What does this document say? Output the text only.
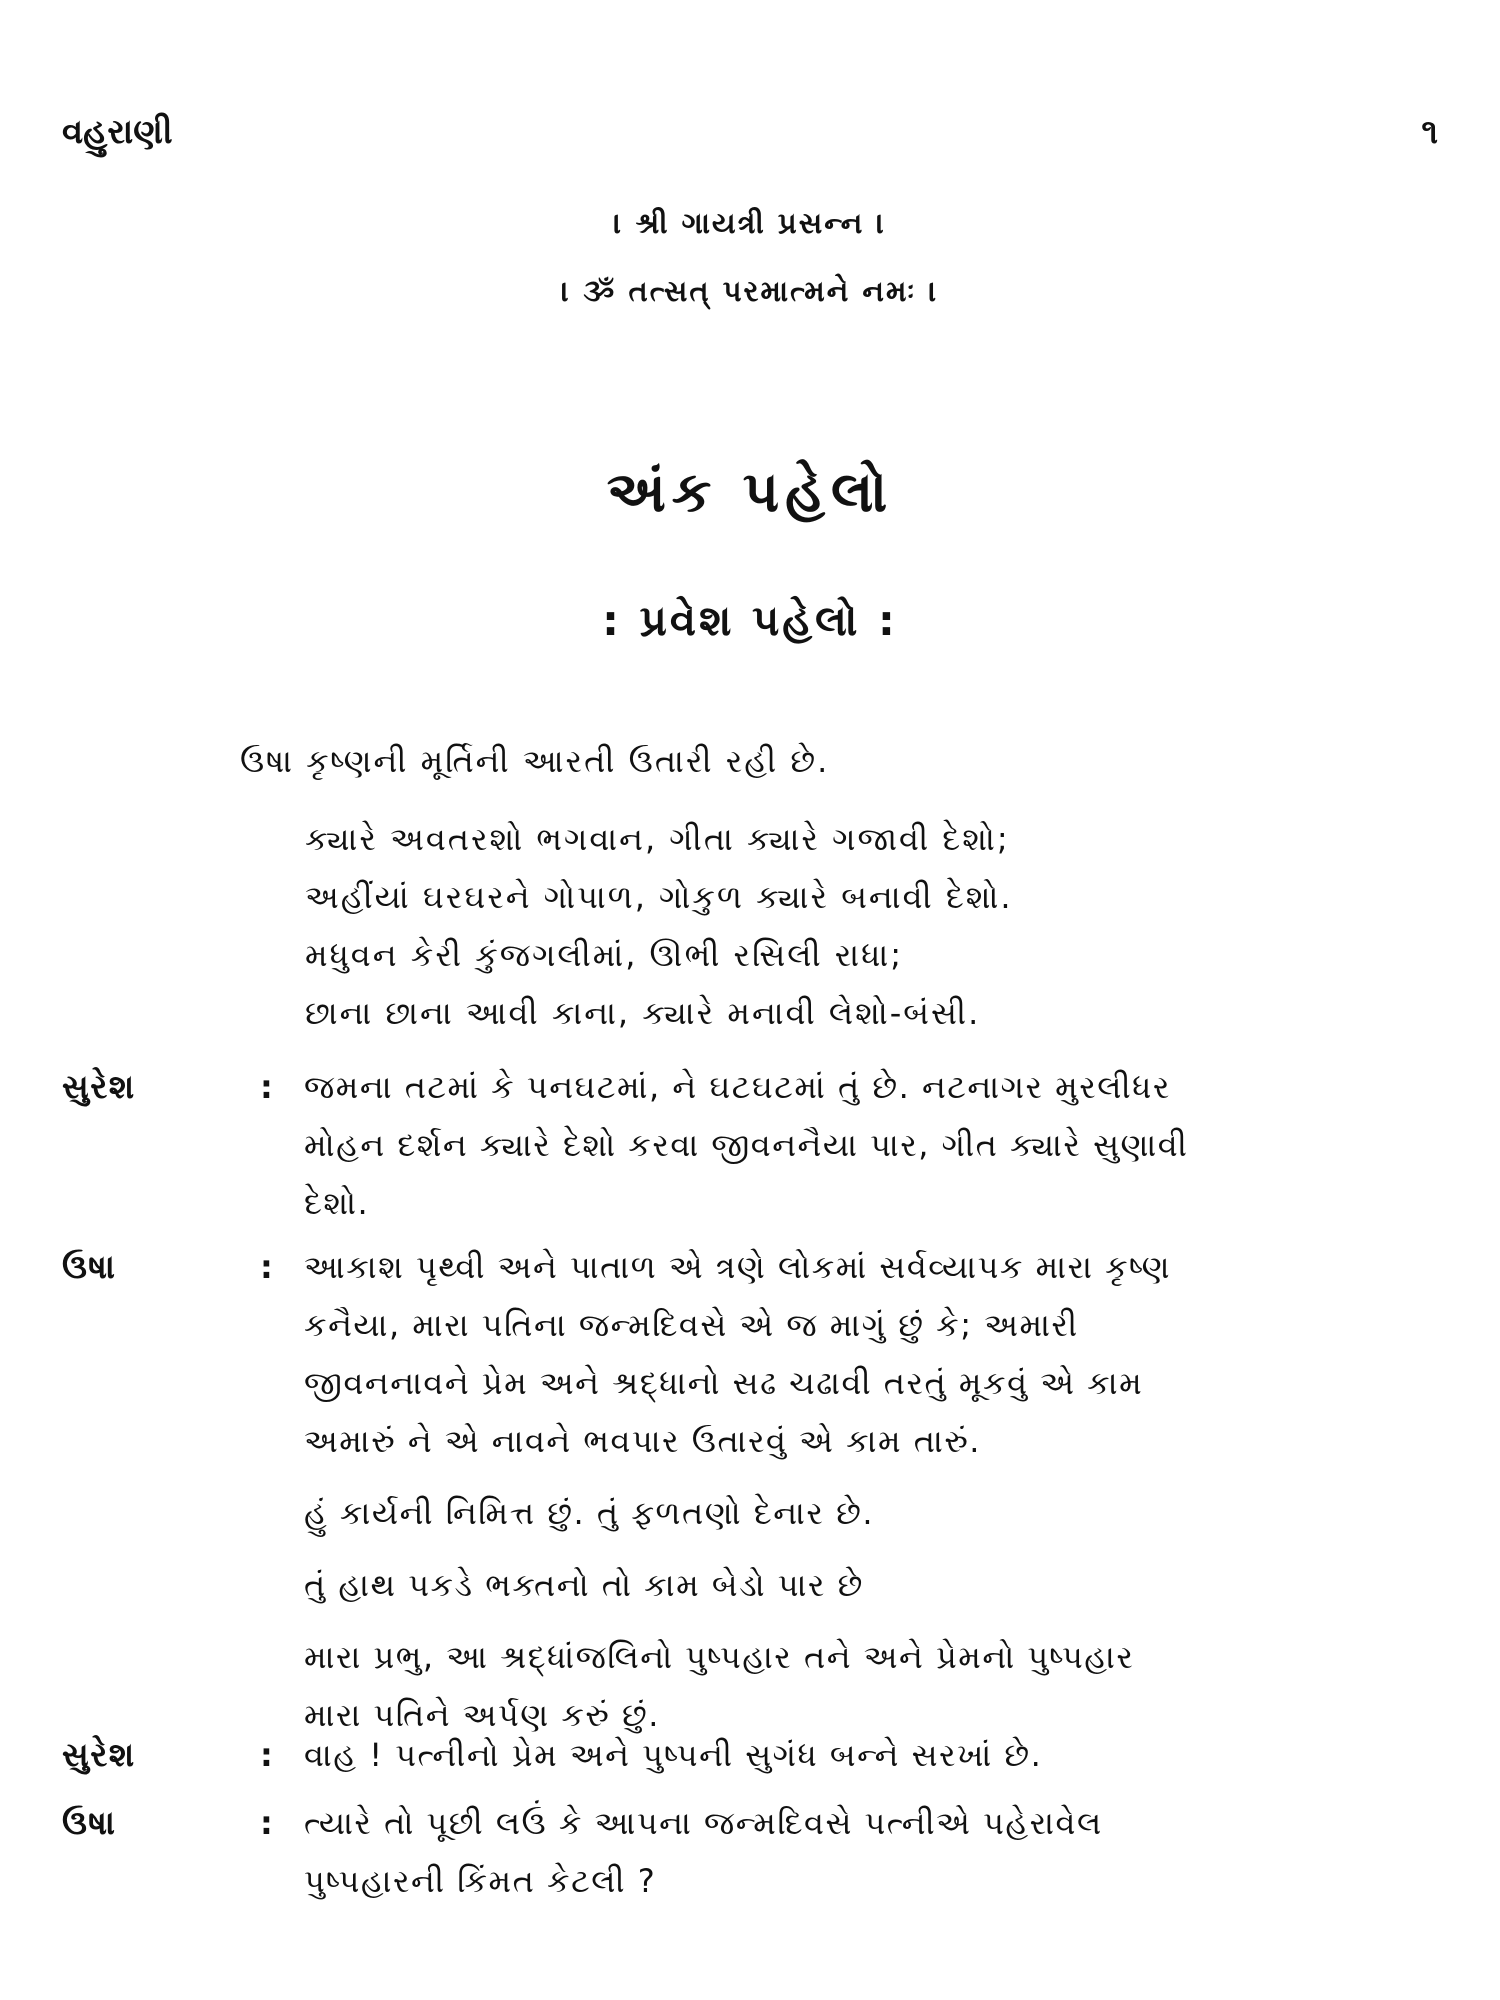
વહુરાણી	૧
। શ્રી ગાયત્રી પ્રસન્ન ।
। ૐ તત્સત્ પરમાત્મને નમઃ ।
અંક પહેલો
: પ્રવેશ પહેલો :
ઉષા કૃષ્ણની મૂર્તિની આરતી ઉતારી રહી છે.
ક્યારે અવતરશો ભગવાન, ગીતા ક્યારે ગજાવી દેશો;
અહીંયાં ઘરઘરને ગોપાળ, ગોકુળ ક્યારે બનાવી દેશો.
મધુવન કેરી કુંજગલીમાં, ઊભી રસિલી રાધા;
છાના છાના આવી કાના, ક્યારે મનાવી લેશો-બંસી.
સુરેશ	: જમના તટમાં કે પનઘટમાં, ને ઘટઘટમાં તું છે. નટનાગર મુરલીધર
મોહન દર્શન ક્યારે દેશો કરવા જીવનનૈયા પાર, ગીત ક્યારે સુણાવી
દેશો.
ઉષા	: આકાશ પૃથ્વી અને પાતાળ એ ત્રણે લોકમાં સર્વવ્યાપક મારા કૃષ્ણ
કનૈયા, મારા પતિના જન્મદિવસે એ જ માગું છું કે; અમારી
જીવનનાવને પ્રેમ અને શ્રદ્ધાનો સઢ ચઢાવી તરતું મૂકવું એ કામ
અમારું ને એ નાવને ભવપાર ઉતારવું એ કામ તારું.
હું કાર્યની નિમિત્ત છું. તું ફળતણો દેનાર છે.
તું હાથ પકડે ભક્તનો તો કામ બેડો પાર છે
મારા પ્રભુ, આ શ્રદ્ધાંજલિનો પુષ્પહાર તને અને પ્રેમનો પુષ્પહાર
મારા પતિને અર્પણ કરું છું.
સુરેશ	: વાહ ! પત્નીનો પ્રેમ અને પુષ્પની સુગંધ બન્ને સરખાં છે.
ઉષા	: ત્યારે તો પૂછી લઉં કે આપના જન્મદિવસે પત્નીએ પહેરાવેલ
પુષ્પહારની કિંમત કેટલી ?
